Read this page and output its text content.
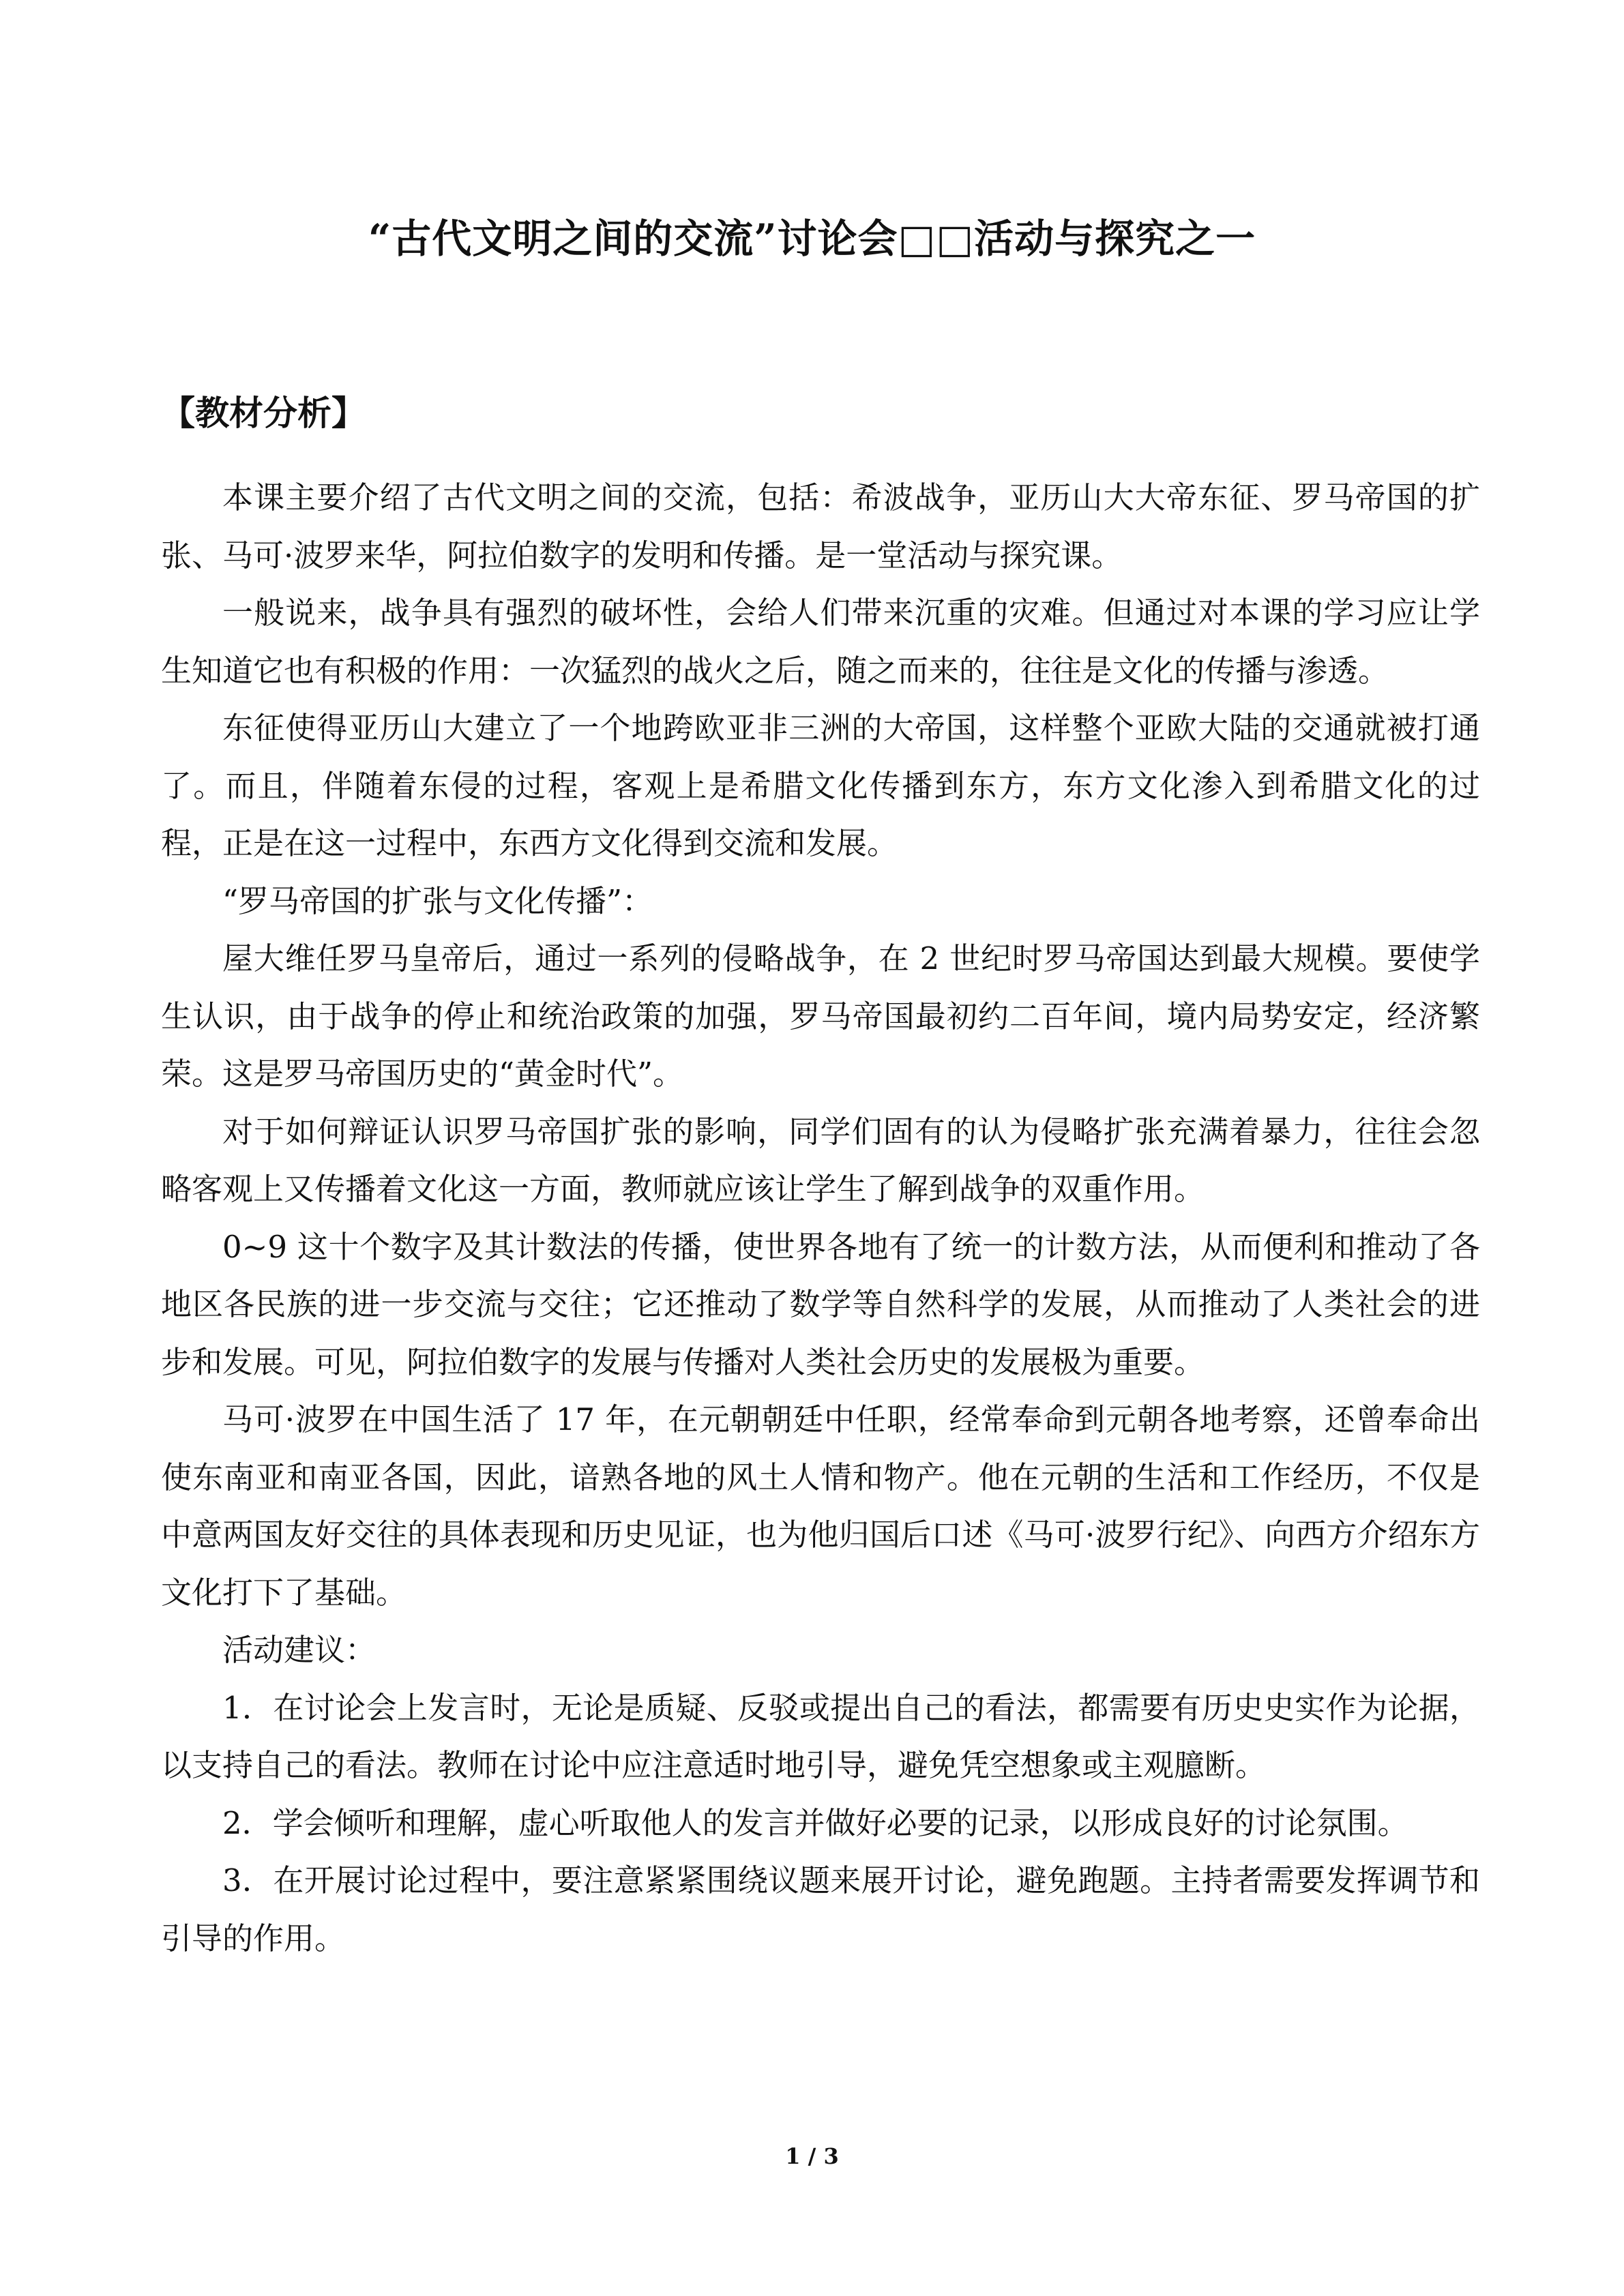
“古代文明之间的交流”讨论会□□活动与探究之一
【教材分析】

本课主要介绍了古代文明之间的交流，包括：希波战争，亚历山大大帝东征、罗马帝国的扩张、马可·波罗来华，阿拉伯数字的发明和传播。是一堂活动与探究课。

一般说来，战争具有强烈的破坏性，会给人们带来沉重的灾难。但通过对本课的学习应让学生知道它也有积极的作用：一次猛烈的战火之后，随之而来的，往往是文化的传播与渗透。

东征使得亚历山大建立了一个地跨欧亚非三洲的大帝国，这样整个亚欧大陆的交通就被打通了。而且，伴随着东侵的过程，客观上是希腊文化传播到东方，东方文化渗入到希腊文化的过程，正是在这一过程中，东西方文化得到交流和发展。

“罗马帝国的扩张与文化传播”：

屋大维任罗马皇帝后，通过一系列的侵略战争，在 2 世纪时罗马帝国达到最大规模。要使学生认识，由于战争的停止和统治政策的加强，罗马帝国最初约二百年间，境内局势安定，经济繁荣。这是罗马帝国历史的“黄金时代”。

对于如何辩证认识罗马帝国扩张的影响，同学们固有的认为侵略扩张充满着暴力，往往会忽略客观上又传播着文化这一方面，教师就应该让学生了解到战争的双重作用。

0~9 这十个数字及其计数法的传播，使世界各地有了统一的计数方法，从而便利和推动了各地区各民族的进一步交流与交往；它还推动了数学等自然科学的发展，从而推动了人类社会的进步和发展。可见，阿拉伯数字的发展与传播对人类社会历史的发展极为重要。

马可·波罗在中国生活了 17 年，在元朝朝廷中任职，经常奉命到元朝各地考察，还曾奉命出使东南亚和南亚各国，因此，谙熟各地的风土人情和物产。他在元朝的生活和工作经历，不仅是中意两国友好交往的具体表现和历史见证，也为他归国后口述《马可·波罗行纪》、向西方介绍东方文化打下了基础。

活动建议：

1．在讨论会上发言时，无论是质疑、反驳或提出自己的看法，都需要有历史史实作为论据，以支持自己的看法。教师在讨论中应注意适时地引导，避免凭空想象或主观臆断。

2．学会倾听和理解，虚心听取他人的发言并做好必要的记录，以形成良好的讨论氛围。

3．在开展讨论过程中，要注意紧紧围绕议题来展开讨论，避免跑题。主持者需要发挥调节和引导的作用。

1 / 3
